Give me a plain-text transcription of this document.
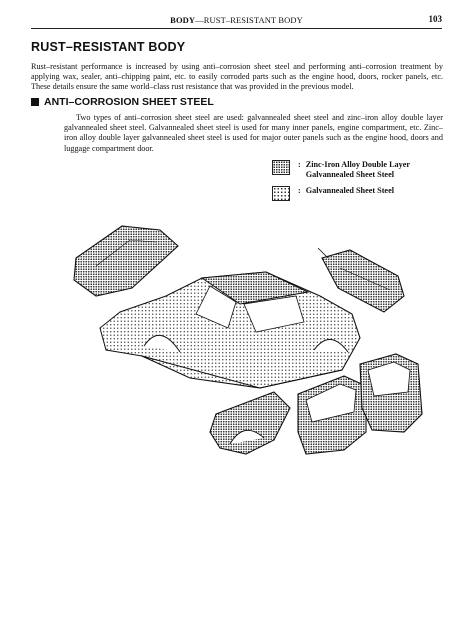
BODY—RUST–RESISTANT BODY	103
RUST–RESISTANT BODY
Rust–resistant performance is increased by using anti–corrosion sheet steel and performing anti–corrosion treatment by applying wax, sealer, anti–chipping paint, etc. to easily corroded parts such as the engine hood, doors, rocker panels, etc. These details ensure the same world–class rust resistance that was provided in the previous model.
ANTI–CORROSION SHEET STEEL
Two types of anti–corrosion sheet steel are used: galvannealed sheet steel and zinc–iron alloy double layer galvannealed sheet steel. Galvannealed sheet steel is used for many inner panels, engine compartment, etc. Zinc–iron alloy double layer galvannealed sheet steel is used for major outer panels such as the engine hood, doors and luggage compartment door.
: Zinc-Iron Alloy Double Layer
Galvannealed Sheet Steel
: Galvannealed Sheet Steel
